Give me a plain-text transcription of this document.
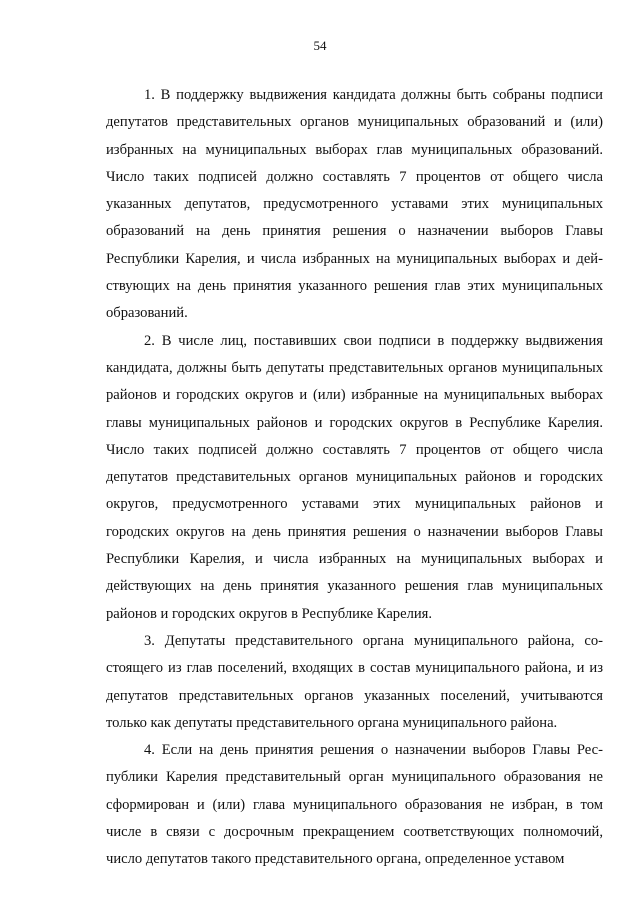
54

1. В поддержку выдвижения кандидата должны быть собраны подписи депутатов представительных органов муниципальных образований и (или) избранных на муниципальных выборах глав муниципальных образований. Число таких подписей должно составлять 7 процентов от общего числа указанных депутатов, предусмотренного уставами этих муниципальных образований на день принятия решения о назначении выборов Главы Республики Карелия, и числа избранных на муниципальных выборах и действующих на день принятия указанного решения глав этих муниципальных образований.

2. В числе лиц, поставивших свои подписи в поддержку выдвижения кандидата, должны быть депутаты представительных органов муниципальных районов и городских округов и (или) избранные на муниципальных выборах главы муниципальных районов и городских округов в Республике Карелия. Число таких подписей должно составлять 7 процентов от общего числа депутатов представительных органов муниципальных районов и городских округов, предусмотренного уставами этих муниципальных районов и городских округов на день принятия решения о назначении выборов Главы Республики Карелия, и числа избранных на муниципальных выборах и действующих на день принятия указанного решения глав муниципальных районов и городских округов в Республике Карелия.

3. Депутаты представительного органа муниципального района, состоящего из глав поселений, входящих в состав муниципального района, и из депутатов представительных органов указанных поселений, учитываются только как депутаты представительного органа муниципального района.

4. Если на день принятия решения о назначении выборов Главы Республики Карелия представительный орган муниципального образования не сформирован и (или) глава муниципального образования не избран, в том числе в связи с досрочным прекращением соответствующих полномочий, число депутатов такого представительного органа, определенное уставом
